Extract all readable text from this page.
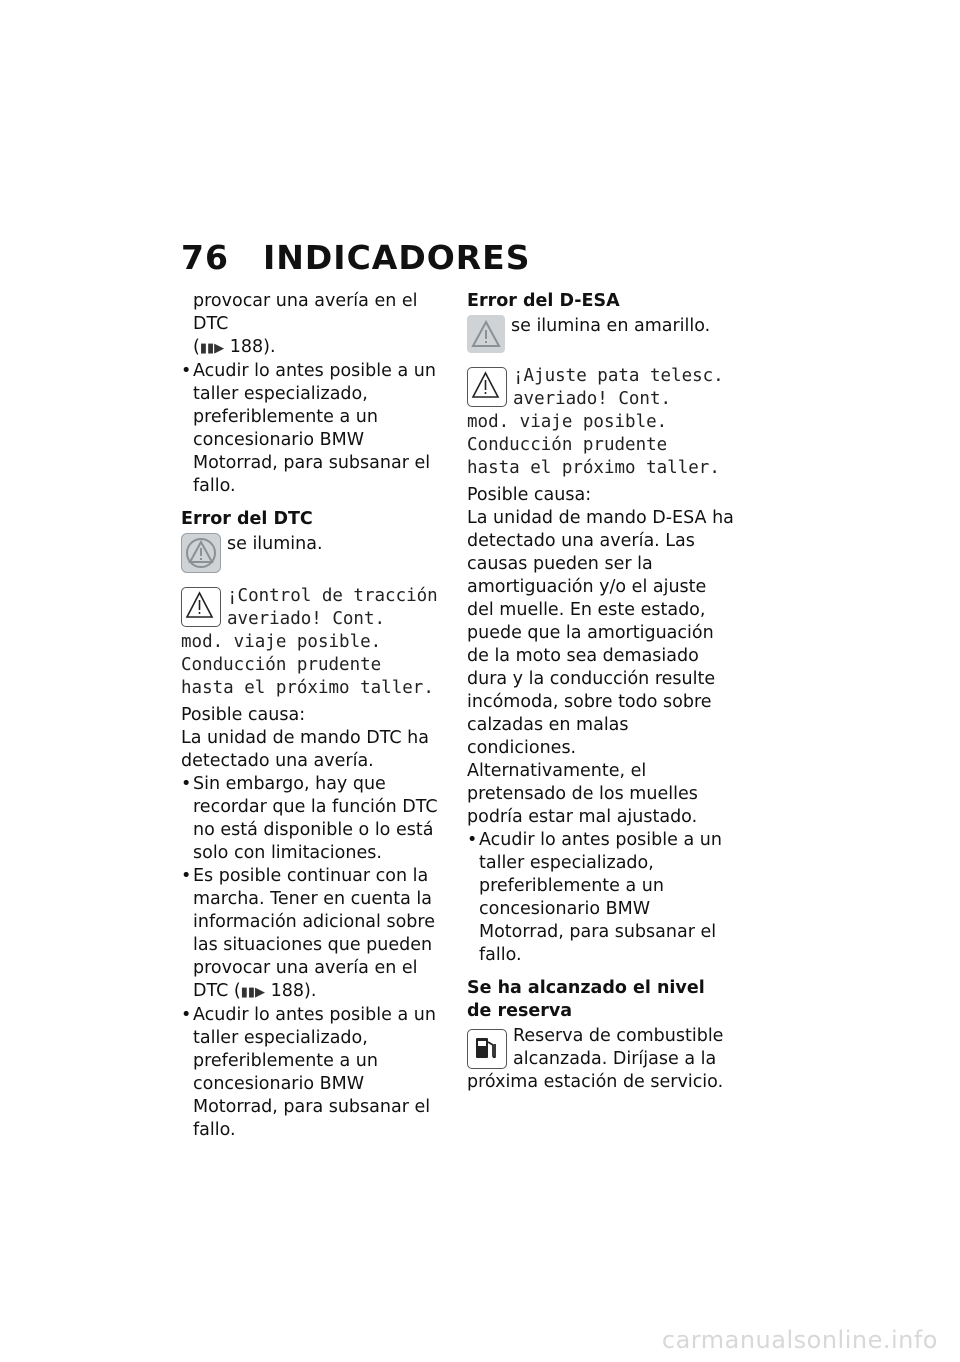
76 INDICADORES
provocar una avería en el DTC
(▮▮▶ 188).
• Acudir lo antes posible a un taller especializado, preferiblemente a un concesionario BMW Motorrad, para subsanar el fallo.
Error del DTC
se ilumina.
¡Control de tracción
averiado! Cont.
mod. viaje posible.
Conducción prudente
hasta el próximo taller.
Posible causa:
La unidad de mando DTC ha detectado una avería.
• Sin embargo, hay que recordar que la función DTC no está disponible o lo está solo con limitaciones.
• Es posible continuar con la marcha. Tener en cuenta la información adicional sobre las situaciones que pueden provocar una avería en el DTC (▮▮▶ 188).
• Acudir lo antes posible a un taller especializado, preferiblemente a un concesionario BMW Motorrad, para subsanar el fallo.
Error del D-ESA
se ilumina en amarillo.
¡Ajuste pata telesc.
averiado! Cont.
mod. viaje posible.
Conducción prudente
hasta el próximo taller.
Posible causa:
La unidad de mando D-ESA ha detectado una avería. Las causas pueden ser la amortiguación y/o el ajuste del muelle. En este estado, puede que la amortiguación de la moto sea demasiado dura y la conducción resulte incómoda, sobre todo sobre calzadas en malas condiciones. Alternativamente, el pretensado de los muelles podría estar mal ajustado.
• Acudir lo antes posible a un taller especializado, preferiblemente a un concesionario BMW Motorrad, para subsanar el fallo.
Se ha alcanzado el nivel de reserva
Reserva de combustible alcanzada. Diríjase a la próxima estación de servicio.
carmanualsonline.info
